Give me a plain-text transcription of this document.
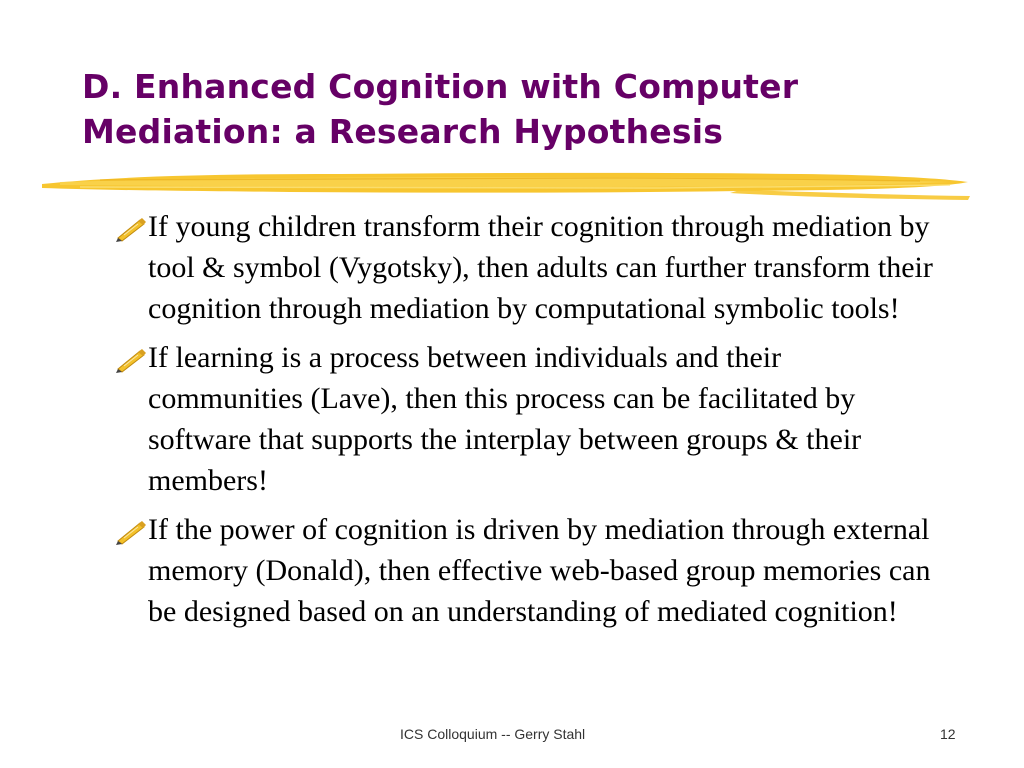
D. Enhanced Cognition with Computer
Mediation: a Research Hypothesis
If young children transform their cognition through mediation by tool & symbol (Vygotsky), then adults can further transform their cognition through mediation by computational symbolic tools!
If learning is a process between individuals and their communities (Lave), then this process can be facilitated by software that supports the interplay between groups & their members!
If the power of cognition is driven by mediation through external memory (Donald), then effective web-based group memories can be designed based on an understanding of mediated cognition!
ICS Colloquium -- Gerry Stahl	12
